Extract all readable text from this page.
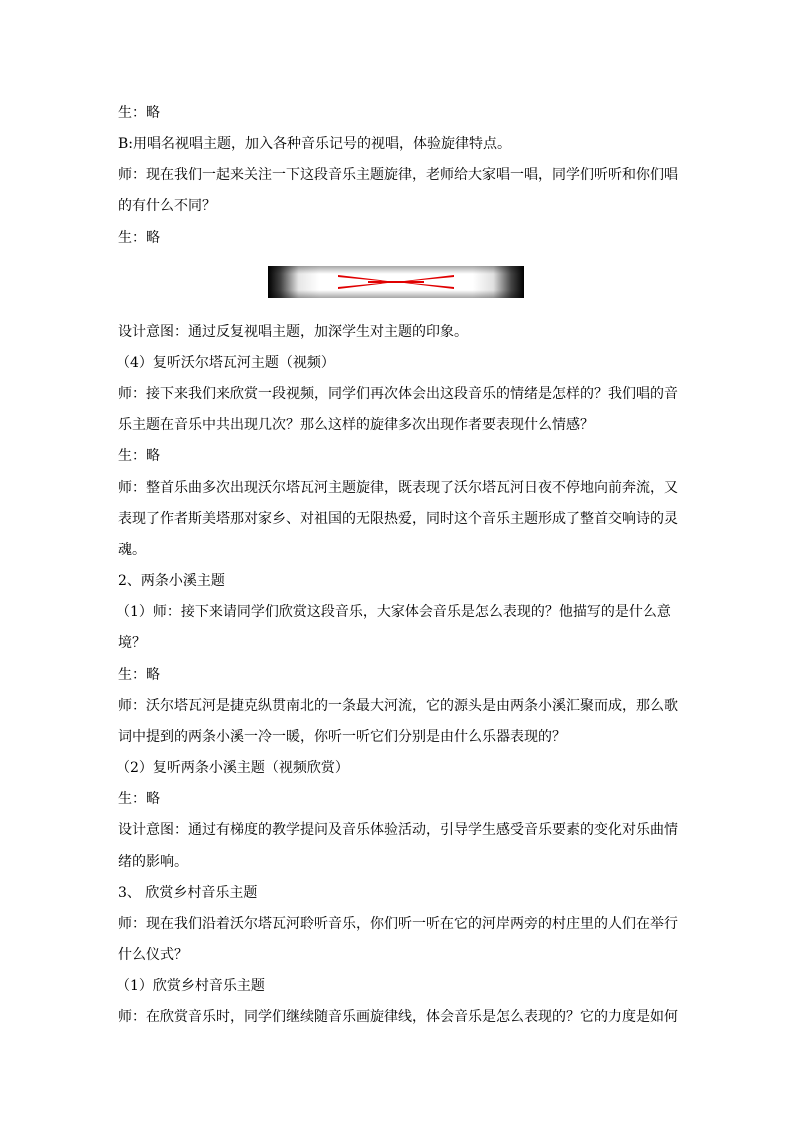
生：略
B:用唱名视唱主题，加入各种音乐记号的视唱，体验旋律特点。
师：现在我们一起来关注一下这段音乐主题旋律，老师给大家唱一唱，同学们听听和你们唱
的有什么不同？
生：略
设计意图：通过反复视唱主题，加深学生对主题的印象。
（4）复听沃尔塔瓦河主题（视频）
师：接下来我们来欣赏一段视频，同学们再次体会出这段音乐的情绪是怎样的？我们唱的音
乐主题在音乐中共出现几次？那么这样的旋律多次出现作者要表现什么情感？
生：略
师：整首乐曲多次出现沃尔塔瓦河主题旋律，既表现了沃尔塔瓦河日夜不停地向前奔流，又
表现了作者斯美塔那对家乡、对祖国的无限热爱，同时这个音乐主题形成了整首交响诗的灵
魂。
2、两条小溪主题
（1）师：接下来请同学们欣赏这段音乐，大家体会音乐是怎么表现的？他描写的是什么意
境？
生：略
师：沃尔塔瓦河是捷克纵贯南北的一条最大河流，它的源头是由两条小溪汇聚而成，那么歌
词中提到的两条小溪一冷一暖，你听一听它们分别是由什么乐器表现的？
（2）复听两条小溪主题（视频欣赏）
生：略
设计意图：通过有梯度的教学提问及音乐体验活动，引导学生感受音乐要素的变化对乐曲情
绪的影响。
3、 欣赏乡村音乐主题
师：现在我们沿着沃尔塔瓦河聆听音乐，你们听一听在它的河岸两旁的村庄里的人们在举行
什么仪式？
（1）欣赏乡村音乐主题
师：在欣赏音乐时，同学们继续随音乐画旋律线，体会音乐是怎么表现的？它的力度是如何
